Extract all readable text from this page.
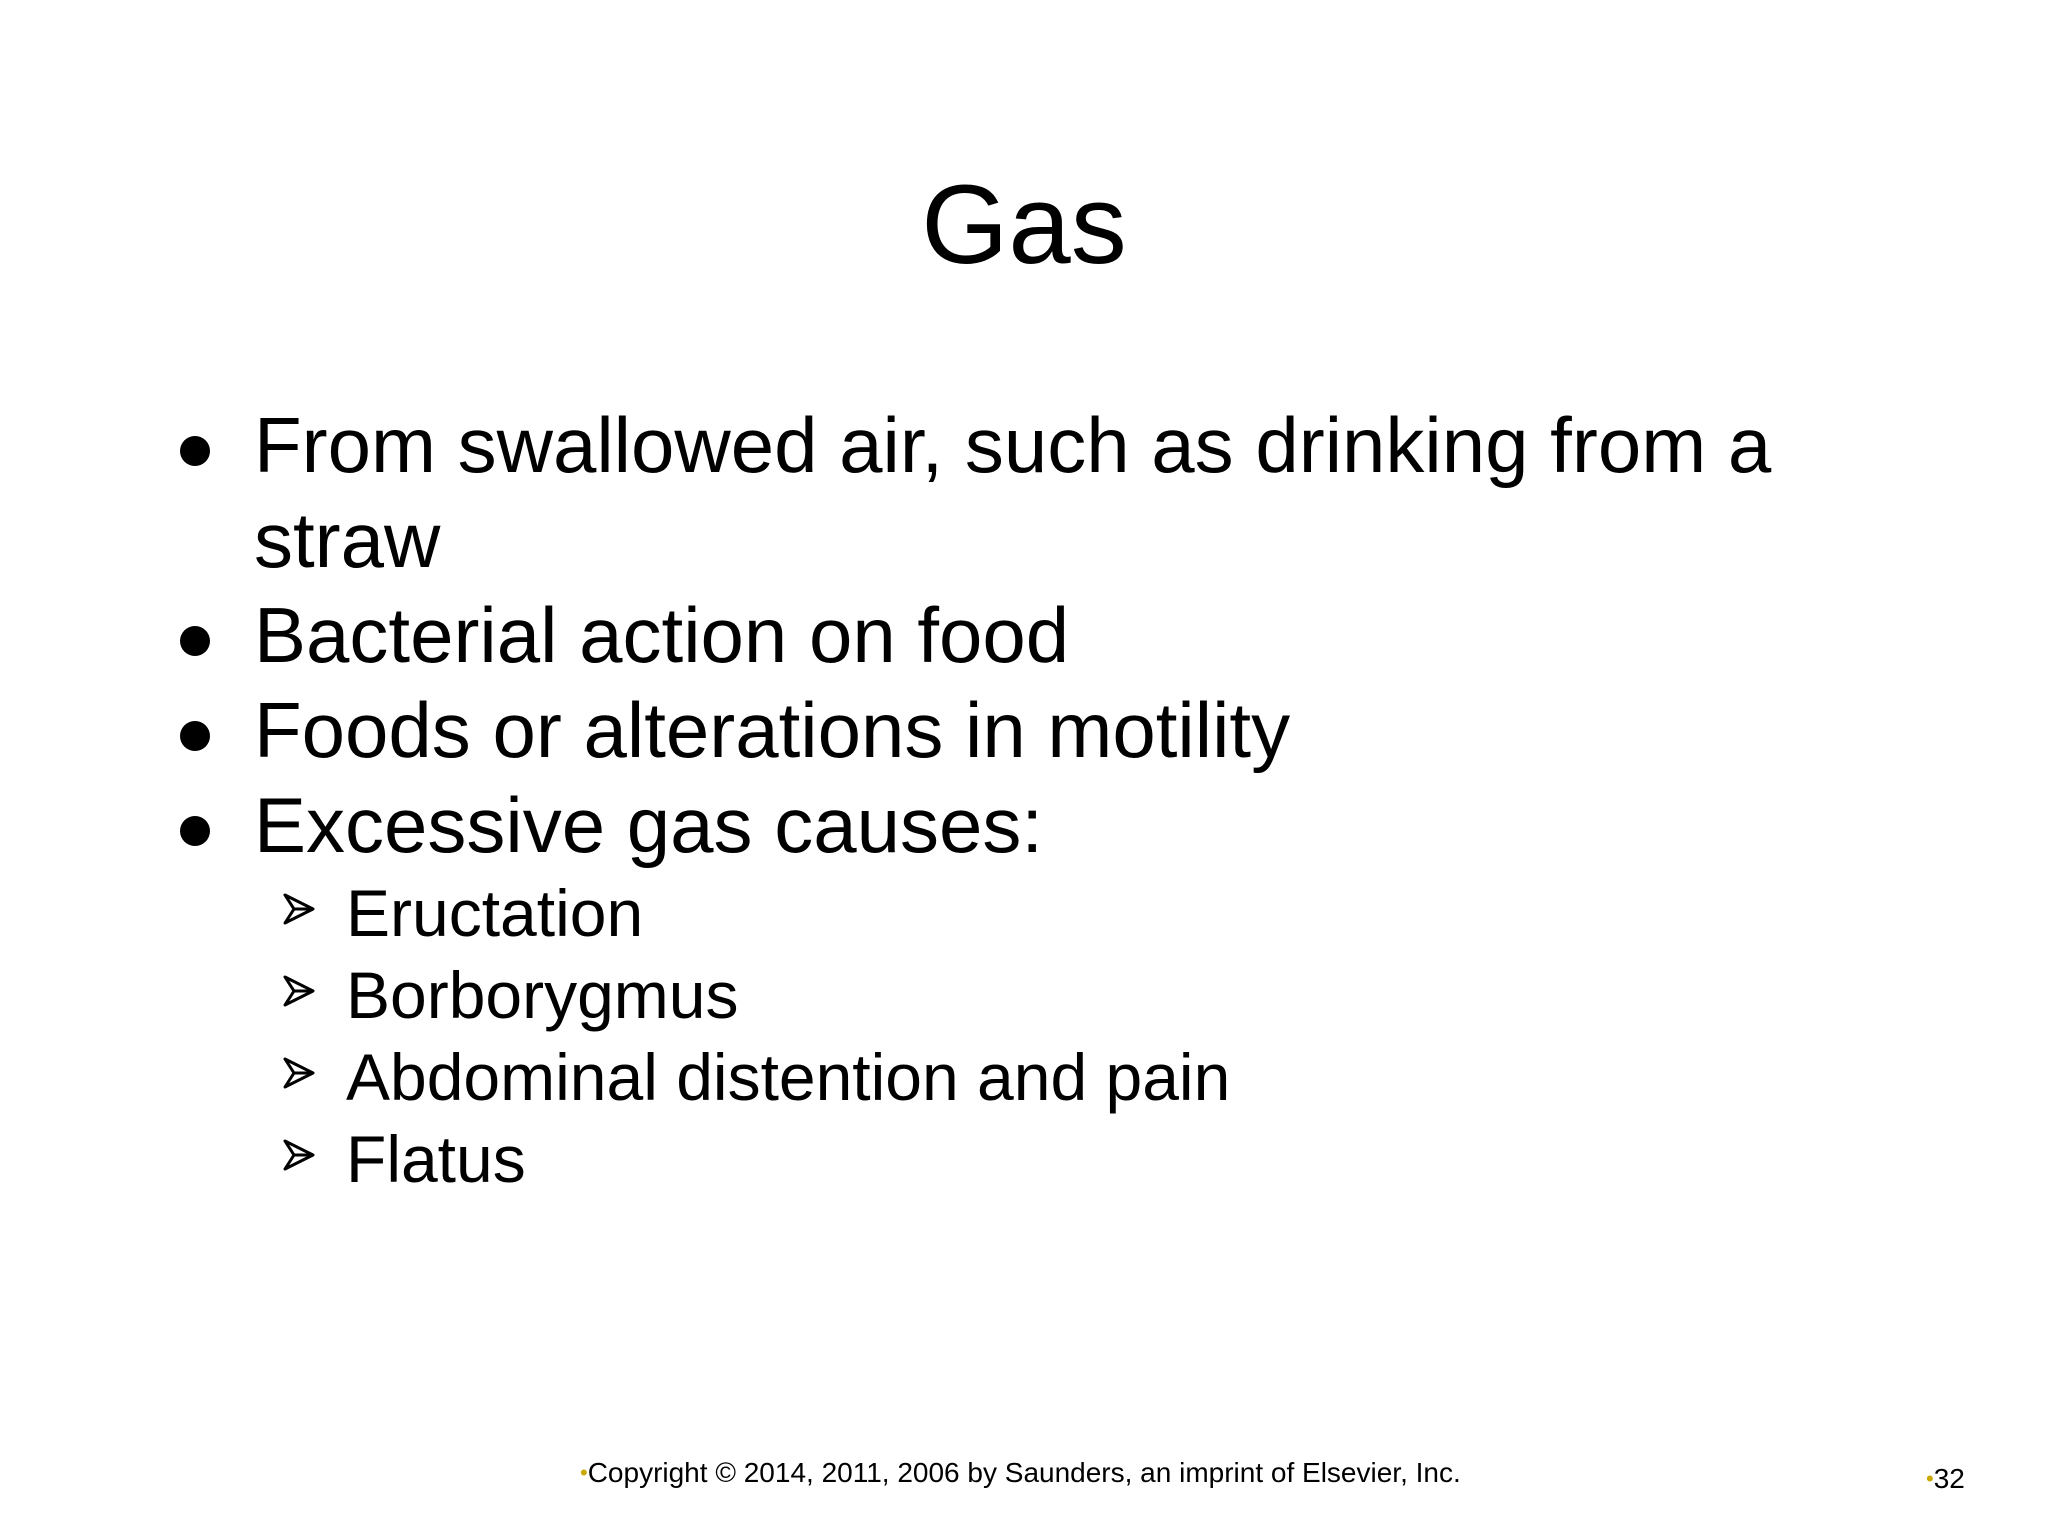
Gas
From swallowed air, such as drinking from a straw
Bacterial action on food
Foods or alterations in motility
Excessive gas causes:
Eructation
Borborygmus
Abdominal distention and pain
Flatus
•Copyright © 2014, 2011, 2006 by Saunders, an imprint of Elsevier, Inc.	•32
